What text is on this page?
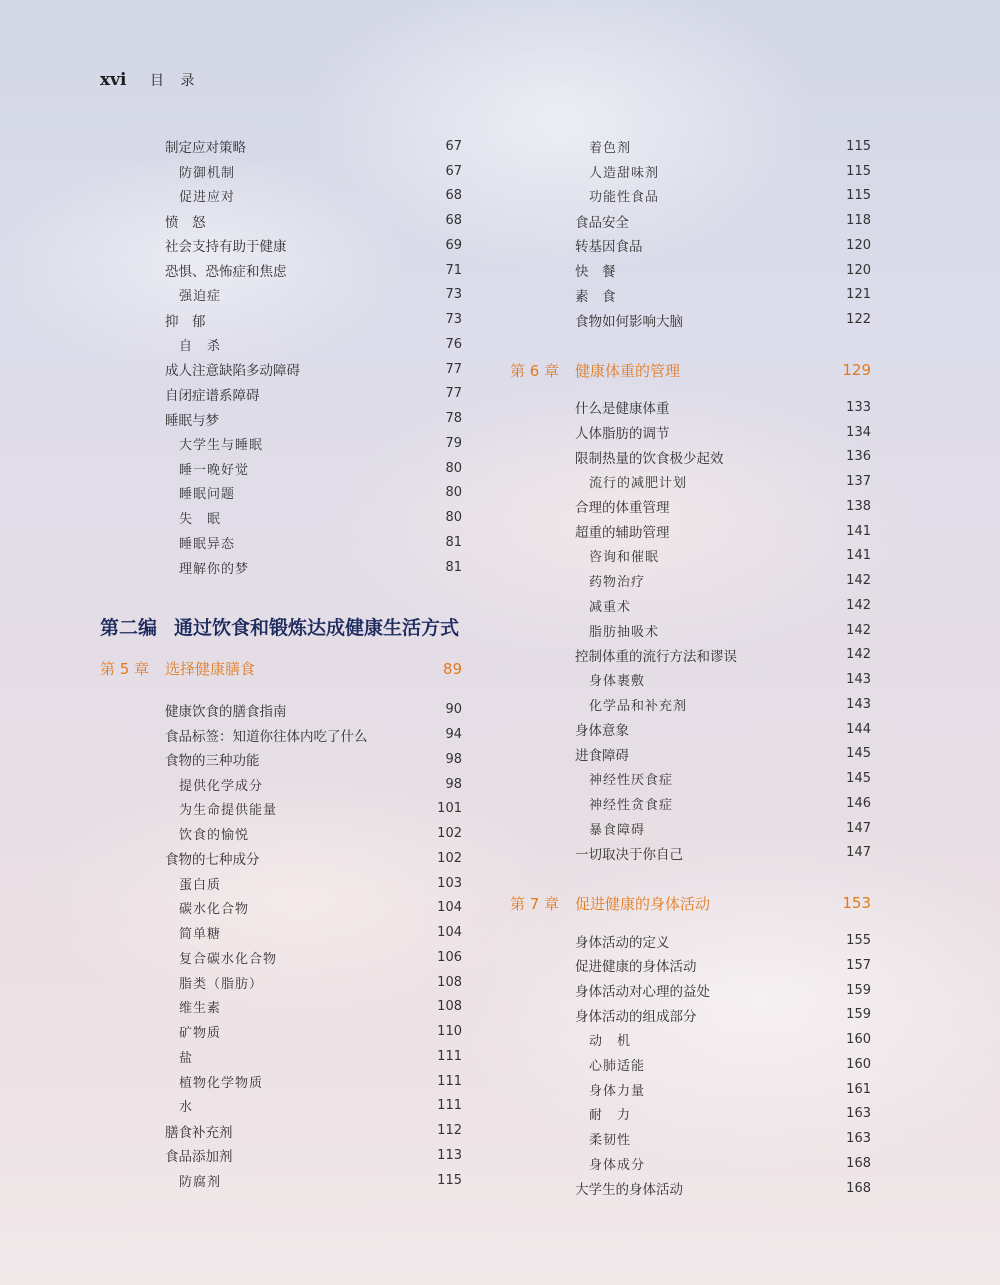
xvi	目 录
制定应对策略	67
防御机制	67
促进应对	68
愤　怒	68
社会支持有助于健康	69
恐惧、恐怖症和焦虑	71
强迫症	73
抑　郁	73
自　杀	76
成人注意缺陷多动障碍	77
自闭症谱系障碍	77
睡眠与梦	78
大学生与睡眠	79
睡一晚好觉	80
睡眠问题	80
失　眠	80
睡眠异态	81
理解你的梦	81
第二编 通过饮食和锻炼达成健康生活方式
第 5 章	选择健康膳食	89
健康饮食的膳食指南	90
食品标签：知道你往体内吃了什么	94
食物的三种功能	98
提供化学成分	98
为生命提供能量	101
饮食的愉悦	102
食物的七种成分	102
蛋白质	103
碳水化合物	104
简单糖	104
复合碳水化合物	106
脂类（脂肪）	108
维生素	108
矿物质	110
盐	111
植物化学物质	111
水	111
膳食补充剂	112
食品添加剂	113
防腐剂	115
着色剂	115
人造甜味剂	115
功能性食品	115
食品安全	118
转基因食品	120
快　餐	120
素　食	121
食物如何影响大脑	122
第 6 章	健康体重的管理	129
什么是健康体重	133
人体脂肪的调节	134
限制热量的饮食极少起效	136
流行的减肥计划	137
合理的体重管理	138
超重的辅助管理	141
咨询和催眠	141
药物治疗	142
减重术	142
脂肪抽吸术	142
控制体重的流行方法和谬误	142
身体裹敷	143
化学品和补充剂	143
身体意象	144
进食障碍	145
神经性厌食症	145
神经性贪食症	146
暴食障碍	147
一切取决于你自己	147
第 7 章	促进健康的身体活动	153
身体活动的定义	155
促进健康的身体活动	157
身体活动对心理的益处	159
身体活动的组成部分	159
动　机	160
心肺适能	160
身体力量	161
耐　力	163
柔韧性	163
身体成分	168
大学生的身体活动	168
